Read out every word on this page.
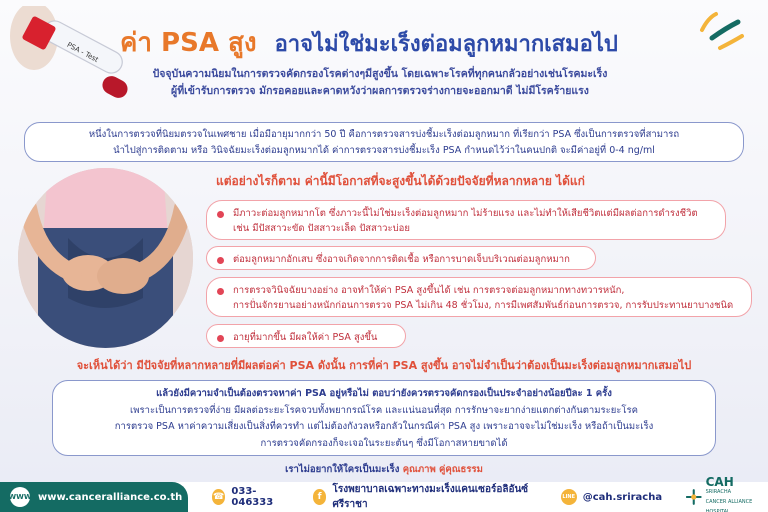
PSA - Test ค่า PSA สูง อาจไม่ใช่มะเร็งต่อมลูกหมากเสมอไป
ปัจจุบันความนิยมในการตรวจคัดกรองโรคต่างๆมีสูงขึ้น โดยเฉพาะโรคที่ทุกคนกลัวอย่างเช่นโรคมะเร็ง
ผู้ที่เข้ารับการตรวจ มักรอคอยและคาดหวังว่าผลการตรวจร่างกายจะออกมาดี ไม่มีโรคร้ายแรง
หนึ่งในการตรวจที่นิยมตรวจในเพศชาย เมื่อมีอายุมากกว่า 50 ปี คือการตรวจสารบ่งชี้มะเร็งต่อมลูกหมาก ที่เรียกว่า PSA ซึ่งเป็นการตรวจที่สามารถ
นำไปสู่การติดตาม หรือ วินิจฉัยมะเร็งต่อมลูกหมากได้ ค่าการตรวจสารบ่งชี้มะเร็ง PSA กำหนดไว้ว่าในคนปกติ จะมีค่าอยู่ที่ 0-4 ng/ml
แต่อย่างไรก็ตาม ค่านี้มีโอกาสที่จะสูงขึ้นได้ด้วยปัจจัยที่หลากหลาย ได้แก่
มีภาวะต่อมลูกหมากโต ซึ่งภาวะนี้ไม่ใช่มะเร็งต่อมลูกหมาก ไม่ร้ายแรง และไม่ทำให้เสียชีวิตแต่มีผลต่อการดำรงชีวิต
เช่น มีปัสสาวะขัด ปัสสาวะเล็ด ปัสสาวะบ่อย
ต่อมลูกหมากอักเสบ ซึ่งอาจเกิดจากการติดเชื้อ หรือการบาดเจ็บบริเวณต่อมลูกหมาก
การตรวจวินิจฉัยบางอย่าง อาจทำให้ค่า PSA สูงขึ้นได้ เช่น การตรวจต่อมลูกหมากทางทวารหนัก,
การปั่นจักรยานอย่างหนักก่อนการตรวจ PSA ไม่เกิน 48 ชั่วโมง, การมีเพศสัมพันธ์ก่อนการตรวจ, การรับประทานยาบางชนิด
อายุที่มากขึ้น มีผลให้ค่า PSA สูงขึ้น
จะเห็นได้ว่า มีปัจจัยที่หลากหลายที่มีผลต่อค่า PSA ดังนั้น การที่ค่า PSA สูงขึ้น อาจไม่จำเป็นว่าต้องเป็นมะเร็งต่อมลูกหมากเสมอไป
แล้วยังมีความจำเป็นต้องตรวจหาค่า PSA อยู่หรือไม่ ตอบว่ายังควรตรวจคัดกรองเป็นประจำอย่างน้อยปีละ 1 ครั้ง
เพราะเป็นการตรวจที่ง่าย มีผลต่อระยะโรคจวบทั้งพยากรณ์โรค และแน่นอนที่สุด การรักษาจะยากง่ายแตกต่างกันตามระยะโรค
การตรวจ PSA หาค่าความเสี่ยงเป็นสิ่งที่ควรทำ แต่ไม่ต้องกังวลหรือกลัวในกรณีค่า PSA สูง เพราะอาจจะไม่ใช่มะเร็ง หรือถ้าเป็นมะเร็ง
การตรวจคัดกรองก็จะเจอในระยะต้นๆ ซึ่งมีโอกาสหายขาดได้
เราไม่อยากให้ใครเป็นมะเร็ง คุณภาพ คู่คุณธรรม
WWW www.canceralliance.co.th	☎ 033-046333	f
โรงพยาบาลเฉพาะทางมะเร็งแคนเซอร์อลิอันซ์ ศรีราชา
LINE @cah.sriracha
CAH
SRIRACHA
CANCER ALLIANCE HOSPITAL
